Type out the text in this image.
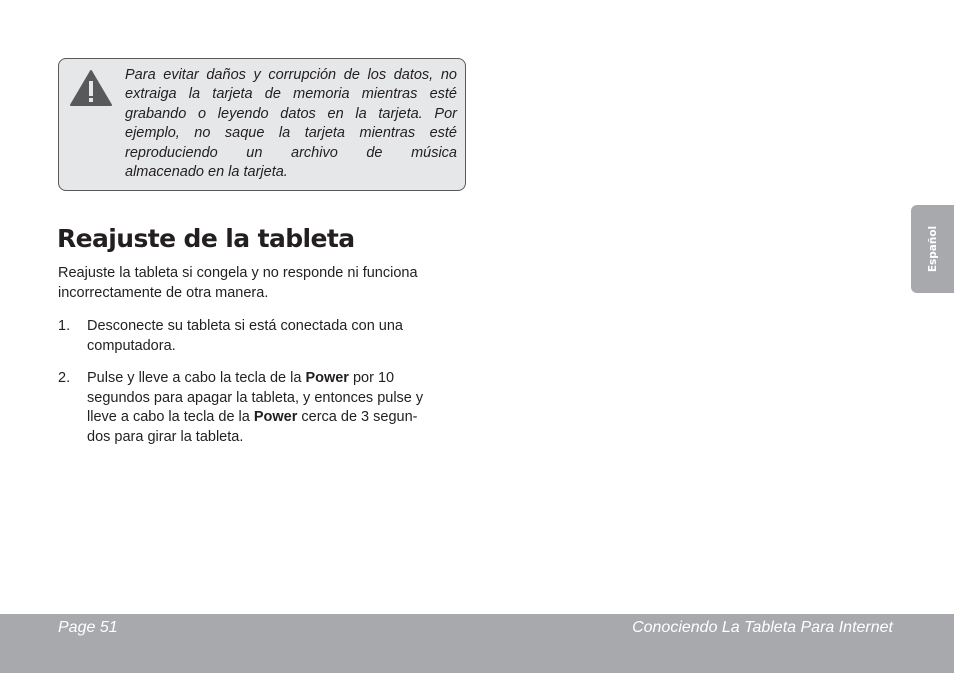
Para evitar daños y corrupción de los datos, no
extraiga la tarjeta de memoria mientras esté
grabando o leyendo datos en la tarjeta. Por
ejemplo, no saque la tarjeta mientras esté
reproduciendo un archivo de música
almacenado en la tarjeta.
Reajuste de la tableta

Reajuste la tableta si congela y no responde ni funciona incorrectamente de otra manera.

1. Desconecte su tableta si está conectada con una
computadora.
2. Pulse y lleve a cabo la tecla de la Power por 10
segundos para apagar la tableta, y entonces pulse y
lleve a cabo la tecla de la Power cerca de 3 segun-
dos para girar la tableta.
Español
Page 51	Conociendo La Tableta Para Internet
